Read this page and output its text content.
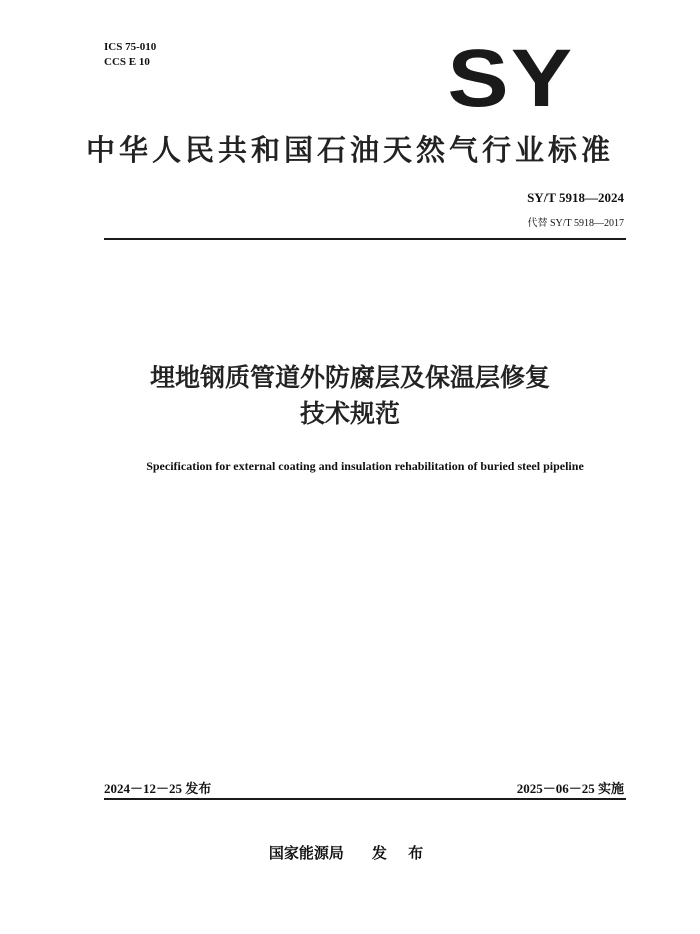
ICS 75-010
CCS E 10	SY
中华人民共和国石油天然气行业标准
SY/T 5918—2024
代替 SY/T 5918—2017
埋地钢质管道外防腐层及保温层修复
技术规范
Specification for external coating and insulation rehabilitation of buried steel pipeline
2024－12－25 发布	2025－06－25 实施
国家能源局 发 布
